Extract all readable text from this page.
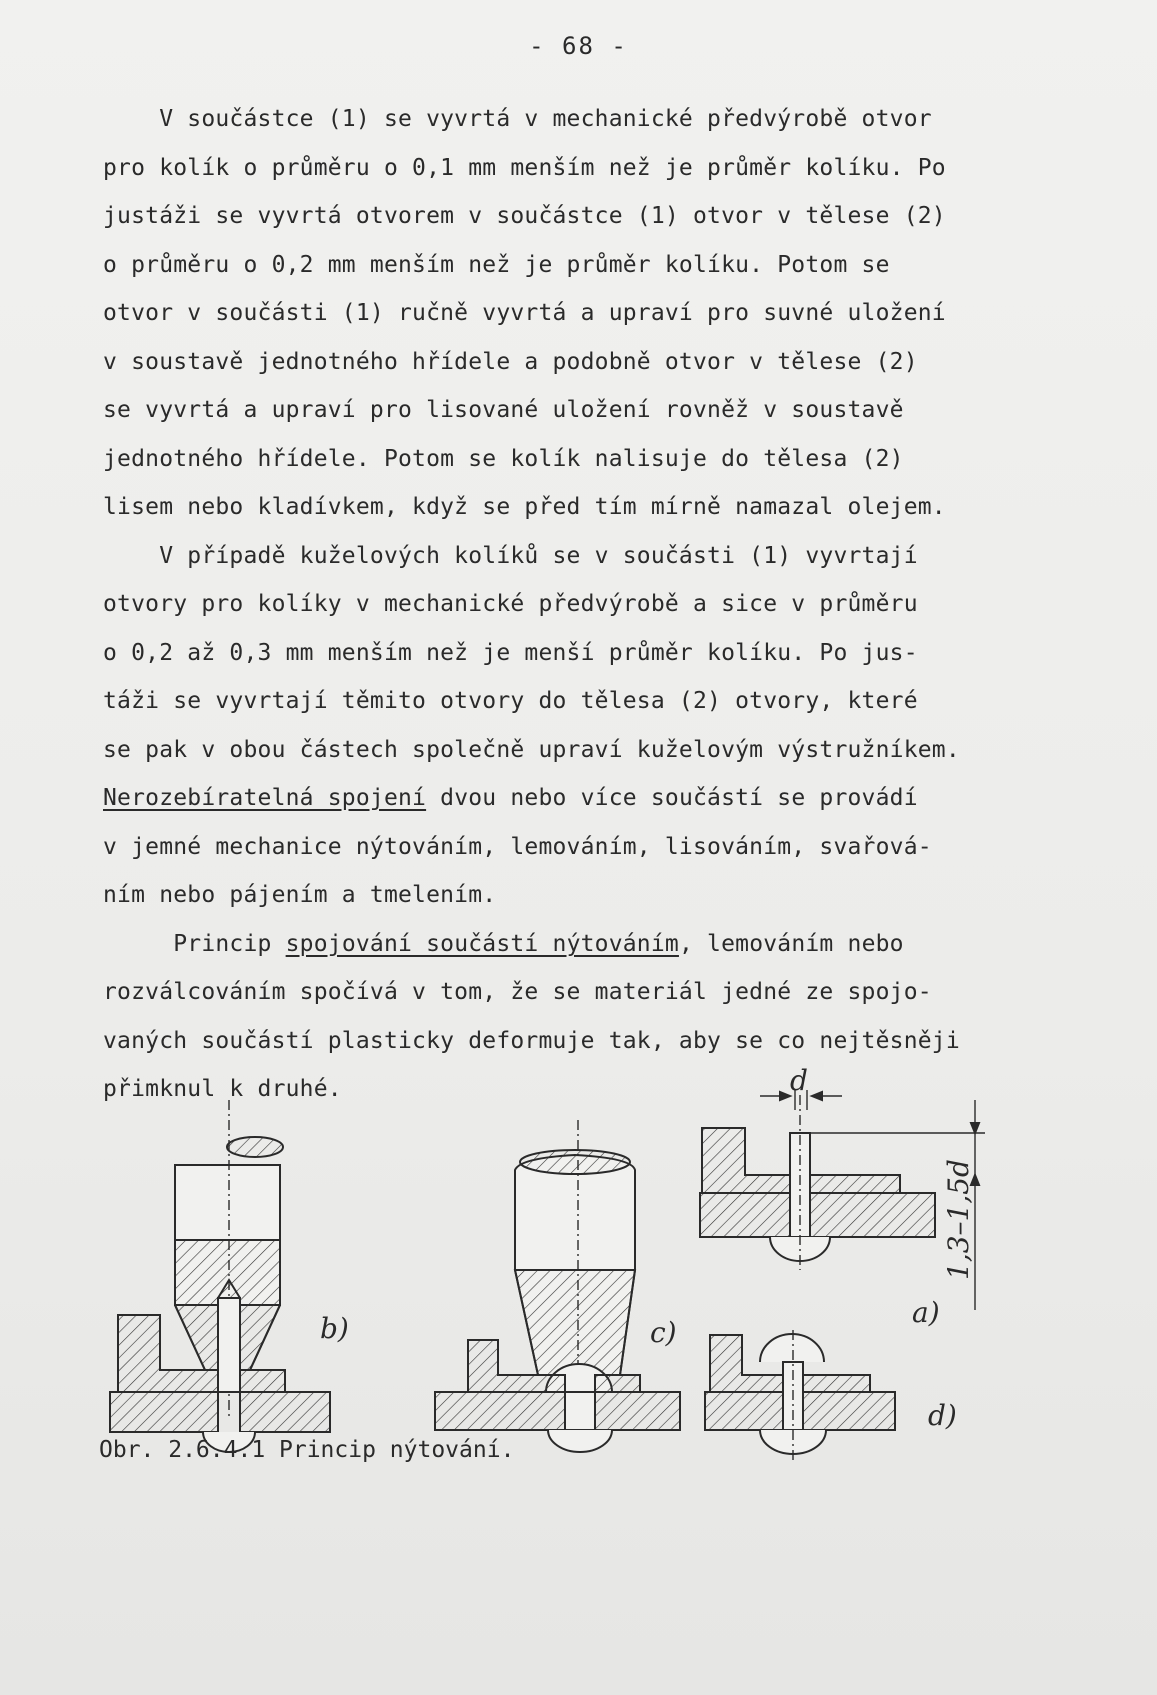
- 68 -
V součástce (1) se vyvrtá v mechanické předvýrobě otvor
pro kolík o průměru o 0,1 mm menším než je průměr kolíku. Po
justáži se vyvrtá otvorem v součástce (1) otvor v tělese (2)
o průměru o 0,2 mm menším než je průměr kolíku. Potom se
otvor v součásti (1) ručně vyvrtá a upraví pro suvné uložení
v soustavě jednotného hřídele a podobně otvor v tělese (2)
se vyvrtá a upraví pro lisované uložení rovněž v soustavě
jednotného hřídele. Potom se kolík nalisuje do tělesa (2)
lisem nebo kladívkem, když se před tím mírně namazal olejem.
V případě kuželových kolíků se v součásti (1) vyvrtají
otvory pro kolíky v mechanické předvýrobě a sice v průměru
o 0,2 až 0,3 mm menším než je menší průměr kolíku. Po jus-
táži se vyvrtají těmito otvory do tělesa (2) otvory, které
se pak v obou částech společně upraví kuželovým výstružníkem.
Nerozebíratelná spojení dvou nebo více součástí se provádí
v jemné mechanice nýtováním, lemováním, lisováním, svařová-
ním nebo pájením a tmelením.
Princip spojování součástí nýtováním, lemováním nebo
rozválcováním spočívá v tom, že se materiál jedné ze spojo-
vaných součástí plasticky deformuje tak, aby se co nejtěsněji
přimknul k druhé.	d
1,3–1,5d
a)
b)	c)
d)
Obr. 2.6.4.1 Princip nýtování.
